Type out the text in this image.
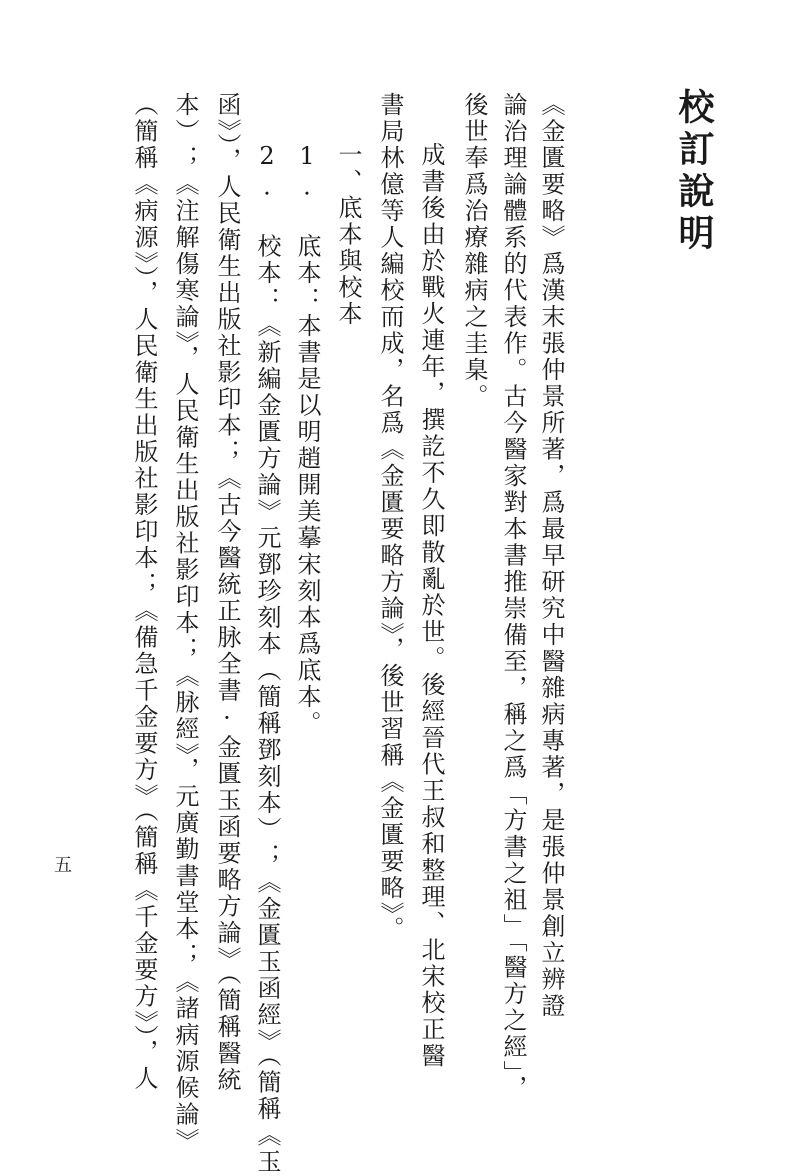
校訂說明
《金匱要略》爲漢末張仲景所著，爲最早研究中醫雜病專著，是張仲景創立辨證
論治理論體系的代表作。古今醫家對本書推崇備至，稱之爲「方書之祖」「醫方之經」，
後世奉爲治療雜病之圭臬。
成書後由於戰火連年，撰訖不久即散亂於世。後經晉代王叔和整理、北宋校正醫
書局林億等人編校而成，名爲《金匱要略方論》，後世習稱《金匱要略》。
一、底本與校本
1. 底本：本書是以明趙開美摹宋刻本爲底本。
2. 校本：《新編金匱方論》元鄧珍刻本（簡稱鄧刻本）；《金匱玉函經》（簡稱《玉
函》），人民衛生出版社影印本；《古今醫統正脉全書·金匱玉函要略方論》（簡稱醫統
本）；《注解傷寒論》，人民衛生出版社影印本；《脉經》，元廣勤書堂本；《諸病源候論》
（簡稱《病源》），人民衛生出版社影印本；《備急千金要方》（簡稱《千金要方》），人
五
